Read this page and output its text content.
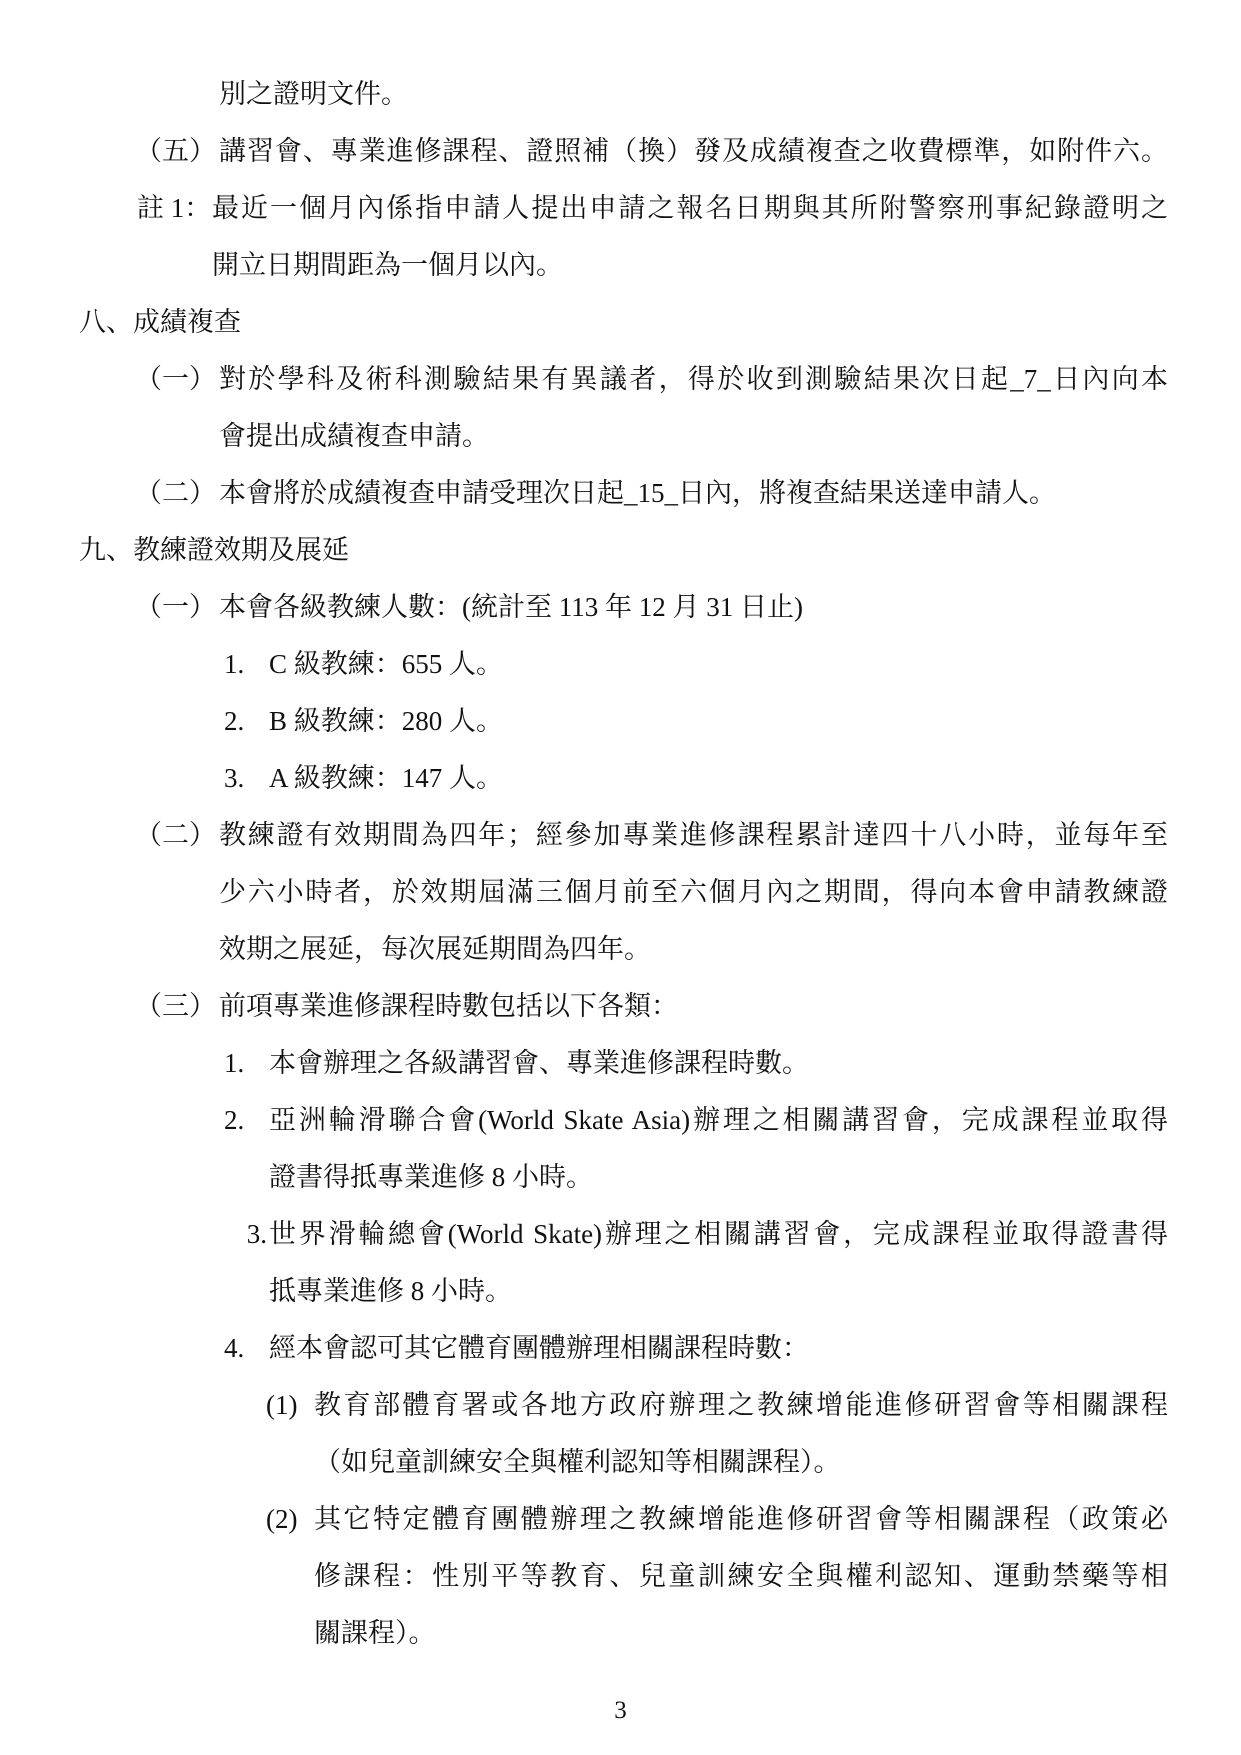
別之證明文件。
（五） 講習會、專業進修課程、證照補（換）發及成績複查之收費標準，如附件六。
註 1： 最近一個月內係指申請人提出申請之報名日期與其所附警察刑事紀錄證明之
開立日期間距為一個月以內。
八、成績複查
（一） 對於學科及術科測驗結果有異議者，得於收到測驗結果次日起_7_日內向本
會提出成績複查申請。
（二） 本會將於成績複查申請受理次日起_15_日內，將複查結果送達申請人。
九、教練證效期及展延
（一） 本會各級教練人數：(統計至 113 年 12 月 31 日止)
1. C 級教練：655 人。
2. B 級教練：280 人。
3. A 級教練：147 人。
（二） 教練證有效期間為四年；經參加專業進修課程累計達四十八小時，並每年至
少六小時者，於效期屆滿三個月前至六個月內之期間，得向本會申請教練證
效期之展延，每次展延期間為四年。
（三） 前項專業進修課程時數包括以下各類：
1. 本會辦理之各級講習會、專業進修課程時數。
2. 亞洲輪滑聯合會(World Skate Asia)辦理之相關講習會，完成課程並取得
證書得抵專業進修 8 小時。
3. 世界滑輪總會(World Skate)辦理之相關講習會，完成課程並取得證書得
抵專業進修 8 小時。
4. 經本會認可其它體育團體辦理相關課程時數：
(1) 教育部體育署或各地方政府辦理之教練增能進修研習會等相關課程
（如兒童訓練安全與權利認知等相關課程）。
(2) 其它特定體育團體辦理之教練增能進修研習會等相關課程（政策必
修課程：性別平等教育、兒童訓練安全與權利認知、運動禁藥等相
關課程）。
3
